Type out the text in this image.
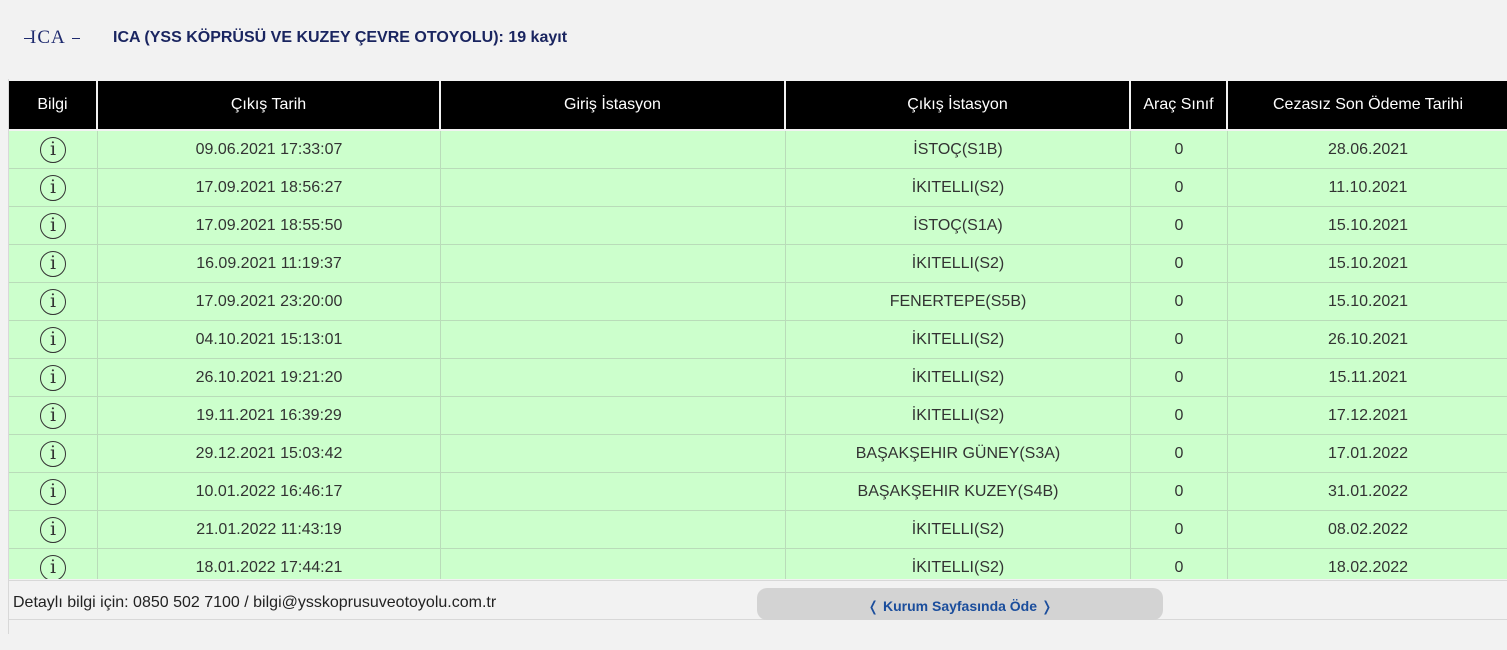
ICA	ICA (YSS KÖPRÜSÜ VE KUZEY ÇEVRE OTOYOLU): 19 kayıt
Bilgi	Çıkış Tarih	Giriş İstasyon	Çıkış İstasyon	Araç Sınıf	Cezasız Son Ödeme Tarihi
i	09.06.2021 17:33:07		İSTOÇ(S1B)	0	28.06.2021
i	17.09.2021 18:56:27		İKITELLI(S2)	0	11.10.2021
i	17.09.2021 18:55:50		İSTOÇ(S1A)	0	15.10.2021
i	16.09.2021 11:19:37		İKITELLI(S2)	0	15.10.2021
i	17.09.2021 23:20:00		FENERTEPE(S5B)	0	15.10.2021
i	04.10.2021 15:13:01		İKITELLI(S2)	0	26.10.2021
i	26.10.2021 19:21:20		İKITELLI(S2)	0	15.11.2021
i	19.11.2021 16:39:29		İKITELLI(S2)	0	17.12.2021
i	29.12.2021 15:03:42		BAŞAKŞEHIR GÜNEY(S3A)	0	17.01.2022
i	10.01.2022 16:46:17		BAŞAKŞEHIR KUZEY(S4B)	0	31.01.2022
i	21.01.2022 11:43:19		İKITELLI(S2)	0	08.02.2022
i	18.01.2022 17:44:21		İKITELLI(S2)	0	18.02.2022
Detaylı bilgi için: 0850 502 7100 / bilgi@ysskoprusuveotoyolu.com.tr	❬ Kurum Sayfasında Öde ❭
